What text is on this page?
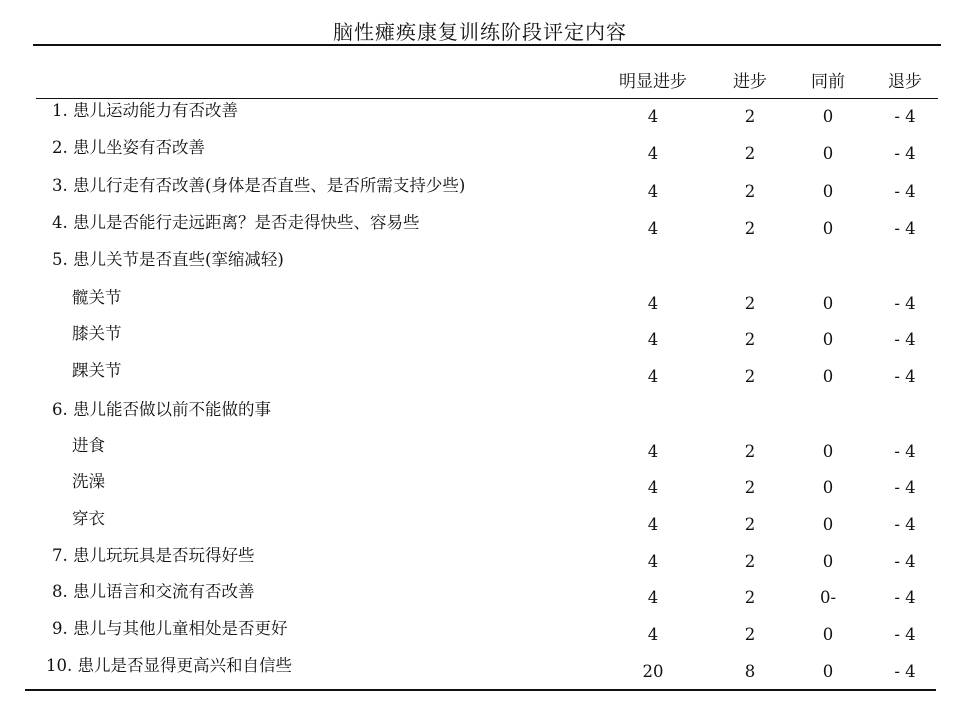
脑性瘫痪康复训练阶段评定内容
明显进步	进步	同前	退步
1. 患儿运动能力有否改善	4	2	0	- 4
2. 患儿坐姿有否改善	4	2	0	- 4
3. 患儿行走有否改善(身体是否直些、是否所需支持少些)	4	2	0	- 4
4. 患儿是否能行走远距离？是否走得快些、容易些	4	2	0	- 4
5. 患儿关节是否直些(挛缩减轻)
髋关节	4	2	0	- 4
膝关节	4	2	0	- 4
踝关节	4	2	0	- 4
6. 患儿能否做以前不能做的事
进食	4	2	0	- 4
洗澡	4	2	0	- 4
穿衣	4	2	0	- 4
7. 患儿玩玩具是否玩得好些	4	2	0	- 4
8. 患儿语言和交流有否改善	4	2	0-	- 4
9. 患儿与其他儿童相处是否更好	4	2	0	- 4
10. 患儿是否显得更高兴和自信些	20	8	0	- 4
